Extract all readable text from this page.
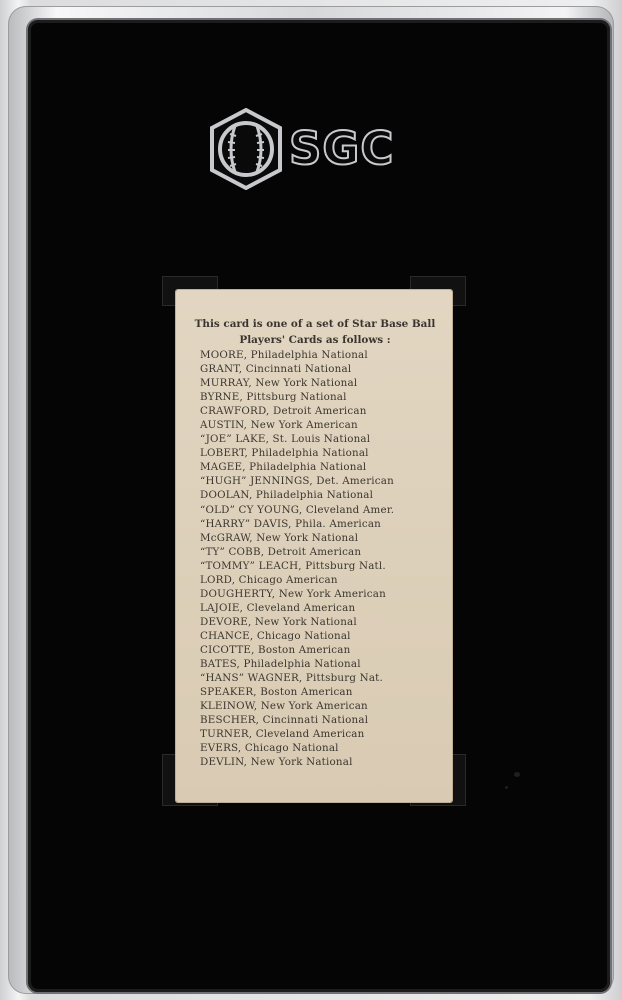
SGC
This card is one of a set of Star Base Ball Players' Cards as follows :
MOORE, Philadelphia National
GRANT, Cincinnati National
MURRAY, New York National
BYRNE, Pittsburg National
CRAWFORD, Detroit American
AUSTIN, New York American
“JOE” LAKE, St. Louis National
LOBERT, Philadelphia National
MAGEE, Philadelphia National
“HUGH” JENNINGS, Det. American
DOOLAN, Philadelphia National
“OLD” CY YOUNG, Cleveland Amer.
“HARRY” DAVIS, Phila. American
McGRAW, New York National
“TY” COBB, Detroit American
“TOMMY” LEACH, Pittsburg Natl.
LORD, Chicago American
DOUGHERTY, New York American
LAJOIE, Cleveland American
DEVORE, New York National
CHANCE, Chicago National
CICOTTE, Boston American
BATES, Philadelphia National
“HANS” WAGNER, Pittsburg Nat.
SPEAKER, Boston American
KLEINOW, New York American
BESCHER, Cincinnati National
TURNER, Cleveland American
EVERS, Chicago National
DEVLIN, New York National
